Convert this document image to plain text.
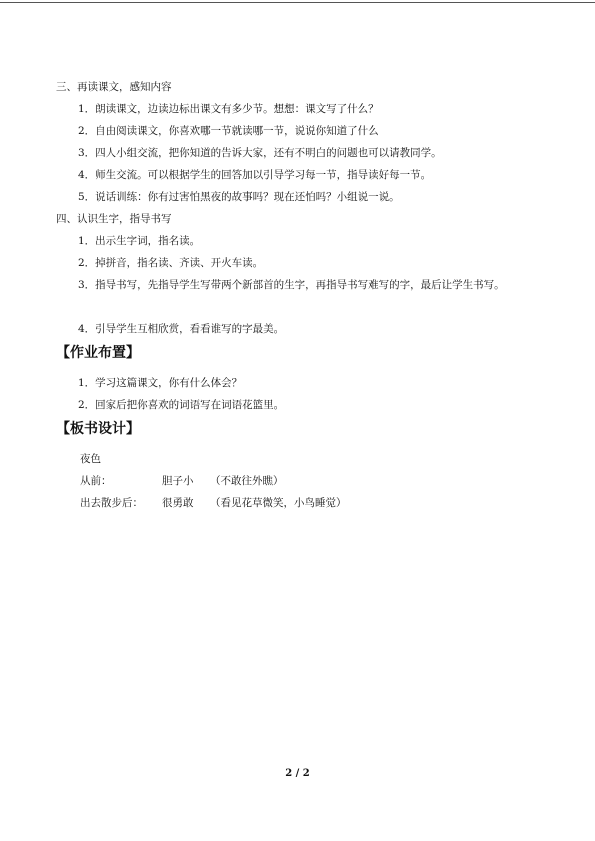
三、再读课文，感知内容
1．朗读课文，边读边标出课文有多少节。想想：课文写了什么？
2．自由阅读课文，你喜欢哪一节就读哪一节，说说你知道了什么
3．四人小组交流，把你知道的告诉大家，还有不明白的问题也可以请教同学。
4．师生交流。可以根据学生的回答加以引导学习每一节，指导读好每一节。
5．说话训练：你有过害怕黑夜的故事吗？现在还怕吗？小组说一说。
四、认识生字，指导书写
1．出示生字词，指名读。
2．掉拼音，指名读、齐读、开火车读。
3．指导书写，先指导学生写带两个新部首的生字，再指导书写难写的字，最后让学生书写。
4．引导学生互相欣赏，看看谁写的字最美。
【作业布置】
1．学习这篇课文，你有什么体会？
2．回家后把你喜欢的词语写在词语花篮里。
【板书设计】
夜色
从前：	胆子小 （不敢往外瞧）
出去散步后： 很勇敢 （看见花草微笑，小鸟睡觉）
2 / 2
